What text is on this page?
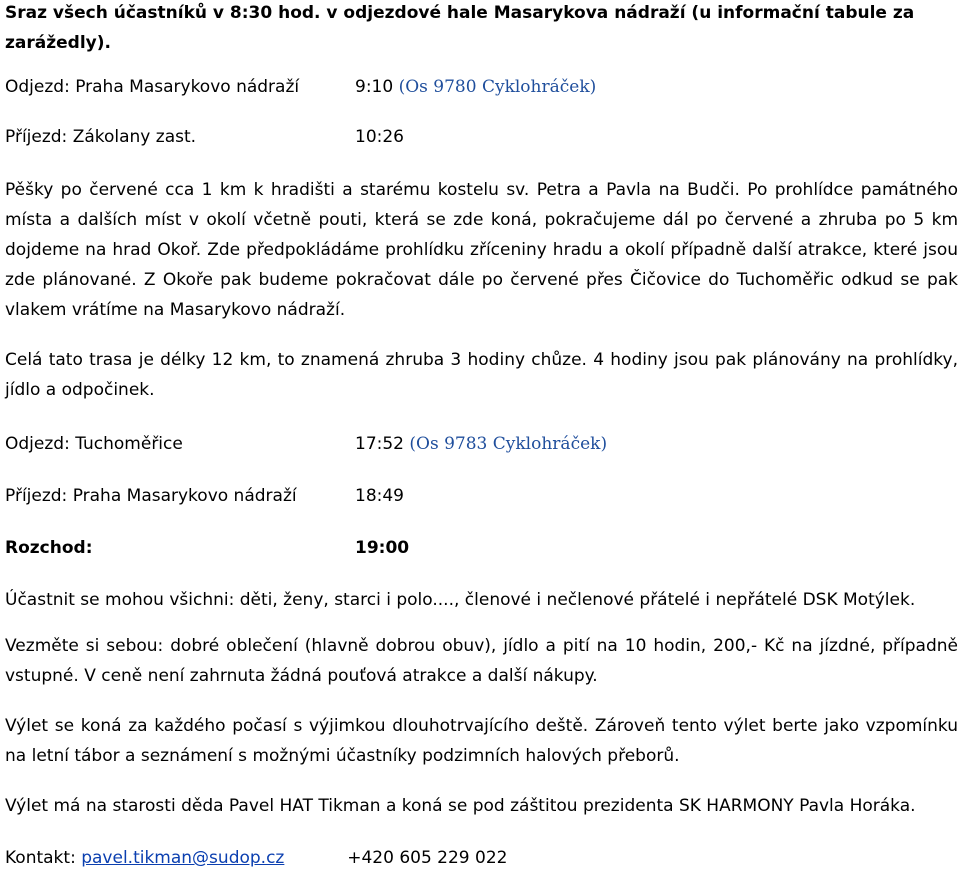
Sraz všech účastníků v 8:30 hod. v odjezdové hale Masarykova nádraží (u informační tabule za zarážedly).

Odjezd: Praha Masarykovo nádraží	9:10 (Os 9780 Cyklohráček)
Příjezd: Zákolany zast.	10:26

Pěšky po červené cca 1 km k hradišti a starému kostelu sv. Petra a Pavla na Budči. Po prohlídce památného místa a dalších míst v okolí včetně pouti, která se zde koná, pokračujeme dál po červené a zhruba po 5 km dojdeme na hrad Okoř. Zde předpokládáme prohlídku zříceniny hradu a okolí případně další atrakce, které jsou zde plánované. Z Okoře pak budeme pokračovat dále po červené přes Čičovice do Tuchoměřic odkud se pak vlakem vrátíme na Masarykovo nádraží.

Celá tato trasa je délky 12 km, to znamená zhruba 3 hodiny chůze. 4 hodiny jsou pak plánovány na prohlídky, jídlo a odpočinek.

Odjezd: Tuchoměřice	17:52 (Os 9783 Cyklohráček)
Příjezd: Praha Masarykovo nádraží	18:49
Rozchod:	19:00

Účastnit se mohou všichni: děti, ženy, starci i polo...., členové i nečlenové přátelé i nepřátelé DSK Motýlek.

Vezměte si sebou: dobré oblečení (hlavně dobrou obuv), jídlo a pití na 10 hodin, 200,- Kč na jízdné, případně vstupné. V ceně není zahrnuta žádná pouťová atrakce a další nákupy.

Výlet se koná za každého počasí s výjimkou dlouhotrvajícího deště. Zároveň tento výlet berte jako vzpomínku na letní tábor a seznámení s možnými účastníky podzimních halových přeborů.

Výlet má na starosti děda Pavel HAT Tikman a koná se pod záštitou prezidenta SK HARMONY Pavla Horáka.

Kontakt:
pavel.tikman@sudop.cz	+420 605 229 022
